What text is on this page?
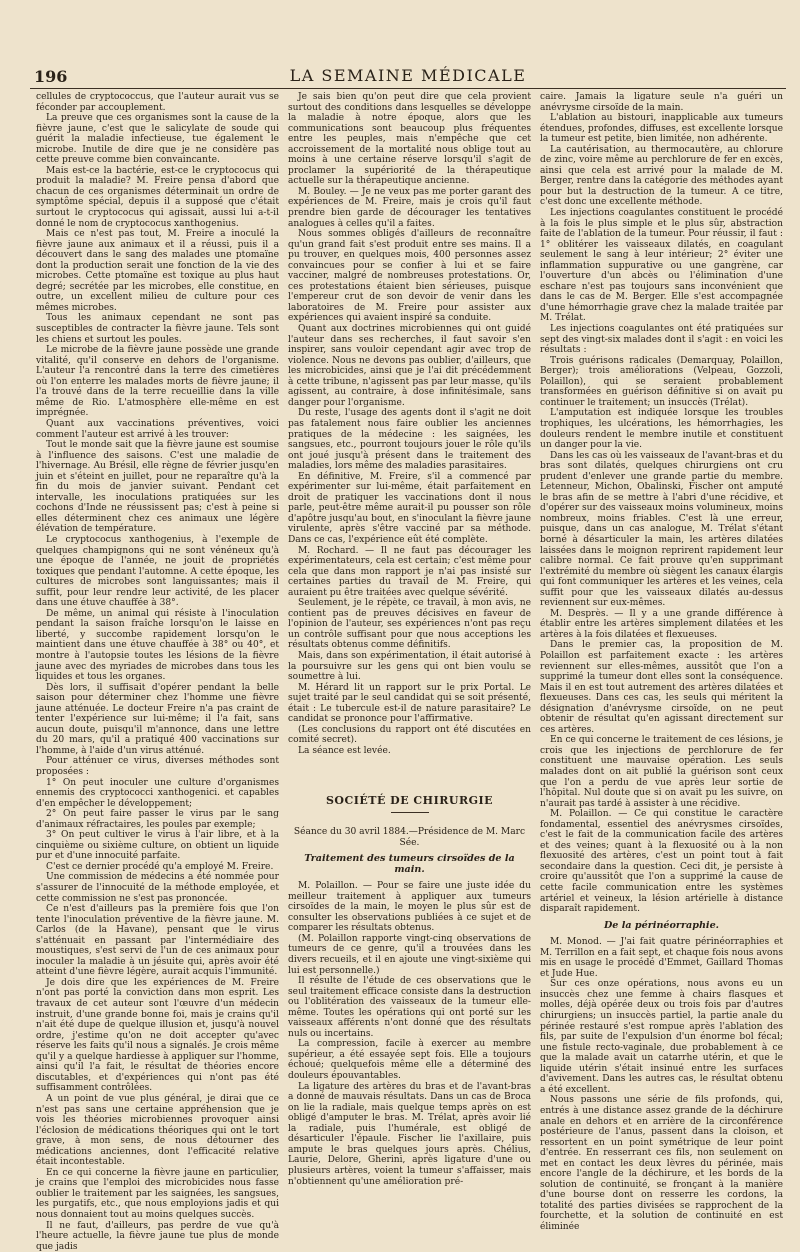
196	LA SEMAINE MÉDICALE

cellules de cryptococcus, que l'auteur aurait vus se féconder par accouplement.

La preuve que ces organismes sont la cause de la fièvre jaune, c'est que le salicylate de soude qui guérit la maladie infectieuse, tue également le microbe. Inutile de dire que je ne considère pas cette preuve comme bien convaincante.

Mais est-ce la bactérie, est-ce le cryptococus qui produit la maladie? M. Freire pensa d'abord que chacun de ces organismes déterminait un ordre de symptôme spécial, depuis il a supposé que c'était surtout le cryptococus qui agissait, aussi lui a-t-il donné le nom de cryptococus xanthogenius.

Mais ce n'est pas tout, M. Freire a inoculé la fièvre jaune aux animaux et il a réussi, puis il a découvert dans le sang des malades une ptomaïne dont la production serait une fonction de la vie des microbes. Cette ptomaïne est toxique au plus haut degré; secrétée par les microbes, elle constitue, en outre, un excellent milieu de culture pour ces mêmes microbes.

Tous les animaux cependant ne sont pas susceptibles de contracter la fièvre jaune. Tels sont les chiens et surtout les poules.

Le microbe de la fièvre jaune possède une grande vitalité, qu'il conserve en dehors de l'organisme. L'auteur l'a rencontré dans la terre des cimetières où l'on enterre les malades morts de fièvre jaune; il l'a trouvé dans de la terre recueillie dans la ville même de Rio. L'atmosphère elle-même en est imprégnée.

Quant aux vaccinations préventives, voici comment l'auteur est arrivé à les trouver:

Tout le monde sait que la fièvre jaune est soumise à l'influence des saisons. C'est une maladie de l'hivernage. Au Brésil, elle règne de février jusqu'en juin et s'éteint en juillet, pour ne reparaître qu'à la fin du mois de janvier suivant. Pendant cet intervalle, les inoculations pratiquées sur les cochons d'Inde ne réussissent pas; c'est à peine si elles déterminent chez ces animaux une légère élévation de température.

Le cryptococus xanthogenius, à l'exemple de quelques champignons qui ne sont vénéneux qu'à une époque de l'année, ne jouit de propriétés toxiques que pendant l'automne. A cette époque, les cultures de microbes sont languissantes; mais il suffit, pour leur rendre leur activité, de les placer dans une étuve chauffée à 38°.

De même, un animal qui résiste à l'inoculation pendant la saison fraîche lorsqu'on le laisse en liberté, y succombe rapidement lorsqu'on le maintient dans une étuve chauffée à 38° ou 40°, et montre à l'autopsie toutes les lésions de la fièvre jaune avec des myriades de microbes dans tous les liquides et tous les organes.

Dès lors, il suffisait d'opérer pendant la belle saison pour déterminer chez l'homme une fièvre jaune atténuée. Le docteur Freire n'a pas craint de tenter l'expérience sur lui-même; il l'a fait, sans aucun doute, puisqu'il m'annonce, dans une lettre du 20 mars, qu'il a pratiqué 400 vaccinations sur l'homme, à l'aide d'un virus atténué.

Pour atténuer ce virus, diverses méthodes sont proposées :

1° On peut inoculer une culture d'organismes ennemis des cryptococci xanthogenici. et capables d'en empêcher le développement;

2° On peut faire passer le virus par le sang d'animaux réfractaires, les poules par exemple;

3° On peut cultiver le virus à l'air libre, et à la cinquième ou sixième culture, on obtient un liquide pur et d'une innocuité parfaite.

C'est ce dernier procédé qu'a employé M. Freire.

Une commission de médecins a été nommée pour s'assurer de l'innocuité de la méthode employée, et cette commission ne s'est pas prononcée.

Ce n'est d'ailleurs pas la première fois que l'on tente l'inoculation préventive de la fièvre jaune. M. Carlos (de la Havane), pensant que le virus s'atténuait en passant par l'intermédiaire des moustiques, s'est servi de l'un de ces animaux pour inoculer la maladie à un jésuite qui, après avoir été atteint d'une fièvre légère, aurait acquis l'immunité.

Je dois dire que les expériences de M. Freire n'ont pas porté la conviction dans mon esprit. Les travaux de cet auteur sont l'œuvre d'un médecin instruit, d'une grande bonne foi, mais je crains qu'il n'ait été dupe de quelque illusion et, jusqu'à nouvel ordre, j'estime qu'on ne doit accepter qu'avec réserve les faits qu'il nous a signalés. Je crois même qu'il y a quelque hardiesse à appliquer sur l'homme, ainsi qu'il l'a fait, le résultat de théories encore discutables, et d'expériences qui n'ont pas été suffisamment contrôlées.

A un point de vue plus général, je dirai que ce n'est pas sans une certaine appréhension que je vois les théories microbiennes provoquer ainsi l'éclosion de médications théoriques qui ont le tort grave, à mon sens, de nous détourner des médications anciennes, dont l'efficacité relative était incontestable.

En ce qui concerne la fièvre jaune en particulier, je crains que l'emploi des microbicides nous fasse oublier le traitement par les saignées, les sangsues, les purgatifs, etc., que nous employions jadis et qui nous donnaient tout au moins quelques succès.

Il ne faut, d'ailleurs, pas perdre de vue qu'à l'heure actuelle, la fièvre jaune tue plus de monde que jadis

Je sais bien qu'on peut dire que cela provient surtout des conditions dans lesquelles se développe la maladie à notre époque, alors que les communications sont beaucoup plus fréquentes entre les peuples, mais n'empêche que cet accroissement de la mortalité nous oblige tout au moins à une certaine réserve lorsqu'il s'agit de proclamer la supériorité de la thérapeutique actuelle sur la thérapeutique ancienne.

M. Bouley. — Je ne veux pas me porter garant des expériences de M. Freire, mais je crois qu'il faut prendre bien garde de décourager les tentatives analogues à celles qu'il a faites.

Nous sommes obligés d'ailleurs de reconnaître qu'un grand fait s'est produit entre ses mains. Il a pu trouver, en quelques mois, 400 personnes assez convaincues pour se confier à lui et se faire vacciner, malgré de nombreuses protestations. Or, ces protestations étaient bien sérieuses, puisque l'empereur crut de son devoir de venir dans les laboratoires de M. Freire pour assister aux expériences qui avaient inspiré sa conduite.

Quant aux doctrines microbiennes qui ont guidé l'auteur dans ses recherches, il faut savoir s'en inspirer, sans vouloir cependant agir avec trop de violence. Nous ne devons pas oublier, d'ailleurs, que les microbicides, ainsi que je l'ai dit précédemment à cette tribune, n'agissent pas par leur masse, qu'ils agissent, au contraire, à dose infinitésimale, sans danger pour l'organisme.

Du reste, l'usage des agents dont il s'agit ne doit pas fatalement nous faire oublier les anciennes pratiques de la médecine : les saignées, les sangsues, etc., pourront toujours jouer le rôle qu'ils ont joué jusqu'à présent dans le traitement des maladies, lors même des maladies parasitaires.

En définitive, M. Freire, s'il a commencé par expérimenter sur lui-même, était parfaitement en droit de pratiquer les vaccinations dont il nous parle, peut-être même aurait-il pu pousser son rôle d'apôtre jusqu'au bout, en s'inoculant la fièvre jaune virulente, après s'être vacciné par sa méthode. Dans ce cas, l'expérience eût été complète.

M. Rochard. — Il ne faut pas décourager les expérimentateurs, cela est certain; c'est même pour cela que dans mon rapport je n'ai pas insisté sur certaines parties du travail de M. Freire, qui auraient pu être traitées avec quelque sévérité.

Seulement, je le répète, ce travail, à mon avis, ne contient pas de preuves décisives en faveur de l'opinion de l'auteur, ses expériences n'ont pas reçu un contrôle suffisant pour que nous acceptions les résultats obtenus comme définitifs.

Mais, dans son expérimentation, il était autorisé à la poursuivre sur les gens qui ont bien voulu se soumettre à lui.

M. Hérard lit un rapport sur le prix Portal. Le sujet traité par le seul candidat qui se soit présenté, était : Le tubercule est-il de nature parasitaire? Le candidat se prononce pour l'affirmative.

(Les conclusions du rapport ont été discutées en comité secret).

La séance est levée.

SOCIÉTÉ DE CHIRURGIE
Séance du 30 avril 1884.—Présidence de M. Marc Sée.
Traitement des tumeurs cirsoïdes de la main.

M. Polaillon. — Pour se faire une juste idée du meilleur traitement à appliquer aux tumeurs cirsoïdes de la main, le moyen le plus sûr est de consulter les observations publiées à ce sujet et de comparer les résultats obtenus.

(M. Polaillon rapporte vingt-cinq observations de tumeurs de ce genre, qu'il a trouvées dans les divers recueils, et il en ajoute une vingt-sixième qui lui est personnelle.)

Il résulte de l'étude de ces observations que le seul traitement efficace consiste dans la destruction ou l'oblitération des vaisseaux de la tumeur elle-même. Toutes les opérations qui ont porté sur les vaisseaux afférents n'ont donné que des résultats nuls ou incertains.

La compression, facile à exercer au membre supérieur, a été essayée sept fois. Elle a toujours échoué; quelquefois même elle a déterminé des douleurs épouvantables.

La ligature des artères du bras et de l'avant-bras a donné de mauvais résultats. Dans un cas de Broca on lie la radiale, mais quelque temps après on est obligé d'amputer le bras. M. Trélat, après avoir lié la radiale, puis l'humérale, est obligé de désarticuler l'épaule. Fischer lie l'axillaire, puis ampute le bras quelques jours après. Chélius, Laurie, Delore, Gherini, après ligature d'une ou plusieurs artères, voient la tumeur s'affaisser, mais n'obtiennent qu'une amélioration pré-

caire. Jamais la ligature seule n'a guéri un anévrysme cirsoïde de la main.

L'ablation au bistouri, inapplicable aux tumeurs étendues, profondes, diffuses, est excellente lorsque la tumeur est petite, bien limitée, non adhérente.

La cautérisation, au thermocautère, au chlorure de zinc, voire même au perchlorure de fer en excès, ainsi que cela est arrivé pour la malade de M. Berger, rentre dans la catégorie des méthodes ayant pour but la destruction de la tumeur. A ce titre, c'est donc une excellente méthode.

Les injections coagulantes constituent le procédé à la fois le plus simple et le plus sûr, abstraction faite de l'ablation de la tumeur. Pour réussir, il faut : 1° oblitérer les vaisseaux dilatés, en coagulant seulement le sang à leur intérieur; 2° éviter une inflammation suppurative ou une gangrène, car l'ouverture d'un abcès ou l'élimination d'une eschare n'est pas toujours sans inconvénient que dans le cas de M. Berger. Elle s'est accompagnée d'une hémorrhagie grave chez la malade traitée par M. Trélat.

Les injections coagulantes ont été pratiquées sur sept des vingt-six malades dont il s'agit : en voici les résultats :

Trois guérisons radicales (Demarquay, Polaillon, Berger); trois améliorations (Velpeau, Gozzoli, Polaillon), qui se seraient probablement transformées en guérison définitive si on avait pu continuer le traitement; un insuccès (Trélat).

L'amputation est indiquée lorsque les troubles trophiques, les ulcérations, les hémorrhagies, les douleurs rendent le membre inutile et constituent un danger pour la vie.

Dans les cas où les vaisseaux de l'avant-bras et du bras sont dilatés, quelques chirurgiens ont cru prudent d'enlever une grande partie du membre. Letenneur, Michon, Obalinski, Fischer ont amputé le bras afin de se mettre à l'abri d'une récidive, et d'opérer sur des vaisseaux moins volumineux, moins nombreux, moins friables. C'est là une erreur, puisque, dans un cas analogue, M. Trélat s'étant borné à désarticuler la main, les artères dilatées laissées dans le moignon reprirent rapidement leur calibre normal. Ce fait prouve qu'en supprimant l'extrémité du membre où siègent les canaux élargis qui font communiquer les artères et les veines, cela suffit pour que les vaisseaux dilatés au-dessus reviennent sur eux-mêmes.

M. Desprès. — Il y a une grande différence à établir entre les artères simplement dilatées et les artères à la fois dilatées et flexueuses.

Dans le premier cas, la proposition de M. Polaillon est parfaitement exacte : les artères reviennent sur elles-mêmes, aussitôt que l'on a supprimé la tumeur dont elles sont la conséquence. Mais il en est tout autrement des artères dilatées et flexueuses. Dans ces cas, les seuls qui méritent la désignation d'anévrysme cirsoïde, on ne peut obtenir de résultat qu'en agissant directement sur ces artères.

En ce qui concerne le traitement de ces lésions, je crois que les injections de perchlorure de fer constituent une mauvaise opération. Les seuls malades dont on ait publié la guérison sont ceux que l'on a perdu de vue après leur sortie de l'hôpital. Nul doute que si on avait pu les suivre, on n'aurait pas tardé à assister à une récidive.

M. Polaillon. — Ce qui constitue le caractère fondamental, essentiel des anévrysmes cirsoïdes, c'est le fait de la communication facile des artères et des veines; quant à la flexuosité ou à la non flexuosité des artères, c'est un point tout à fait secondaire dans la question. Ceci dit, je persiste à croire qu'aussitôt que l'on a supprimé la cause de cette facile communication entre les systèmes artériel et veineux, la lésion artérielle à distance disparaît rapidement.

De la périnéorraphie.

M. Monod. — J'ai fait quatre périnéorraphies et M. Terrillon en a fait sept, et chaque fois nous avons mis en usage le procédé d'Emmet, Gaillard Thomas et Jude Hue.

Sur ces onze opérations, nous avons eu un insuccès chez une femme à chairs flasques et molles, déjà opérée deux ou trois fois par d'autres chirurgiens; un insuccès partiel, la partie anale du périnée restauré s'est rompue après l'ablation des fils, par suite de l'expulsion d'un énorme bol fécal; une fistule recto-vaginale, due probablement à ce que la malade avait un catarrhe utérin, et que le liquide utérin s'était insinué entre les surfaces d'avivement. Dans les autres cas, le résultat obtenu a été excellent.

Nous passons une série de fils profonds, qui, entrés à une distance assez grande de la déchirure anale en dehors et en arrière de la circonférence postérieure de l'anus, passent dans la cloison, et ressortent en un point symétrique de leur point d'entrée. En resserrant ces fils, non seulement on met en contact les deux lèvres du périnée, mais encore l'angle de la déchirure, et les bords de la solution de continuité, se fronçant à la manière d'une bourse dont on resserre les cordons, la totalité des parties divisées se rapprochent de la fourchette, et la solution de continuité en est éliminée
